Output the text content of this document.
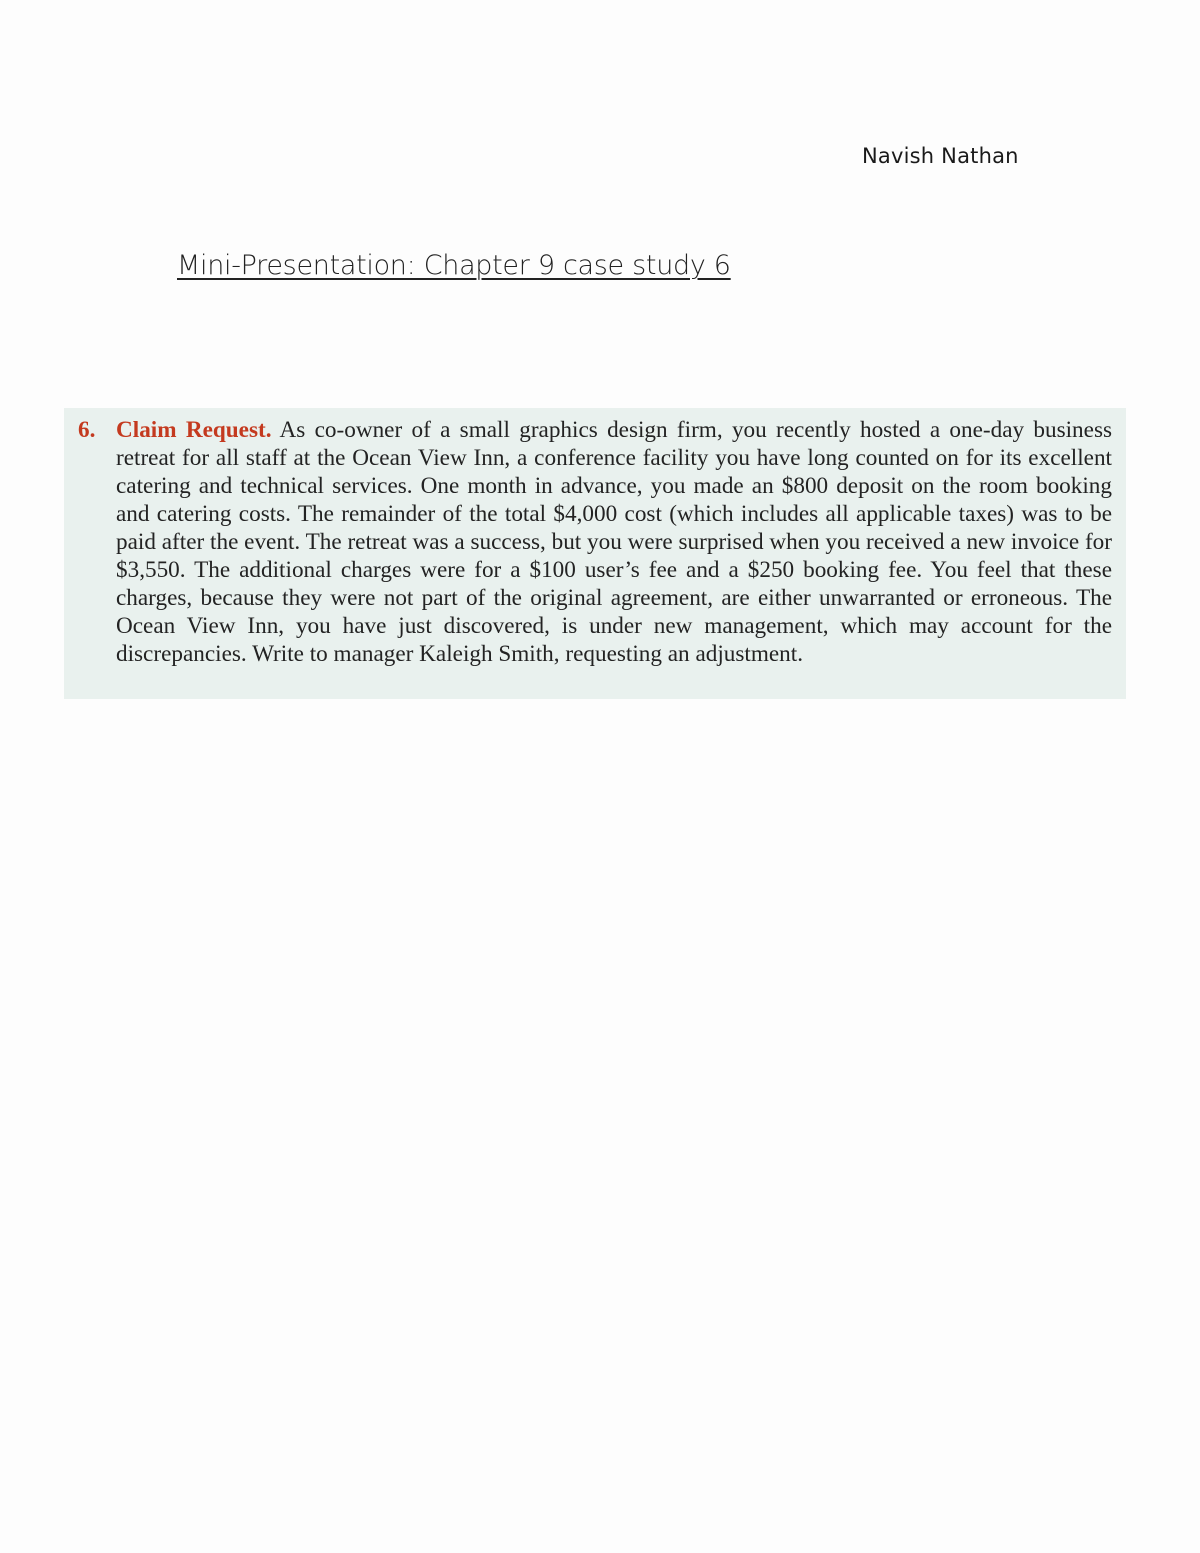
Navish Nathan
Mini-Presentation: Chapter 9 case study 6
6. Claim Request. As co-owner of a small graphics design firm, you recently hosted a one-day business retreat for all staff at the Ocean View Inn, a conference facility you have long counted on for its excellent catering and technical services. One month in advance, you made an $800 deposit on the room booking and catering costs. The remainder of the total $4,000 cost (which includes all applicable taxes) was to be paid after the event. The retreat was a success, but you were surprised when you received a new invoice for $3,550. The additional charges were for a $100 user’s fee and a $250 booking fee. You feel that these charges, because they were not part of the original agreement, are either unwarranted or erroneous. The Ocean View Inn, you have just discovered, is under new management, which may account for the discrepancies. Write to manager Kaleigh Smith, requesting an adjustment.
